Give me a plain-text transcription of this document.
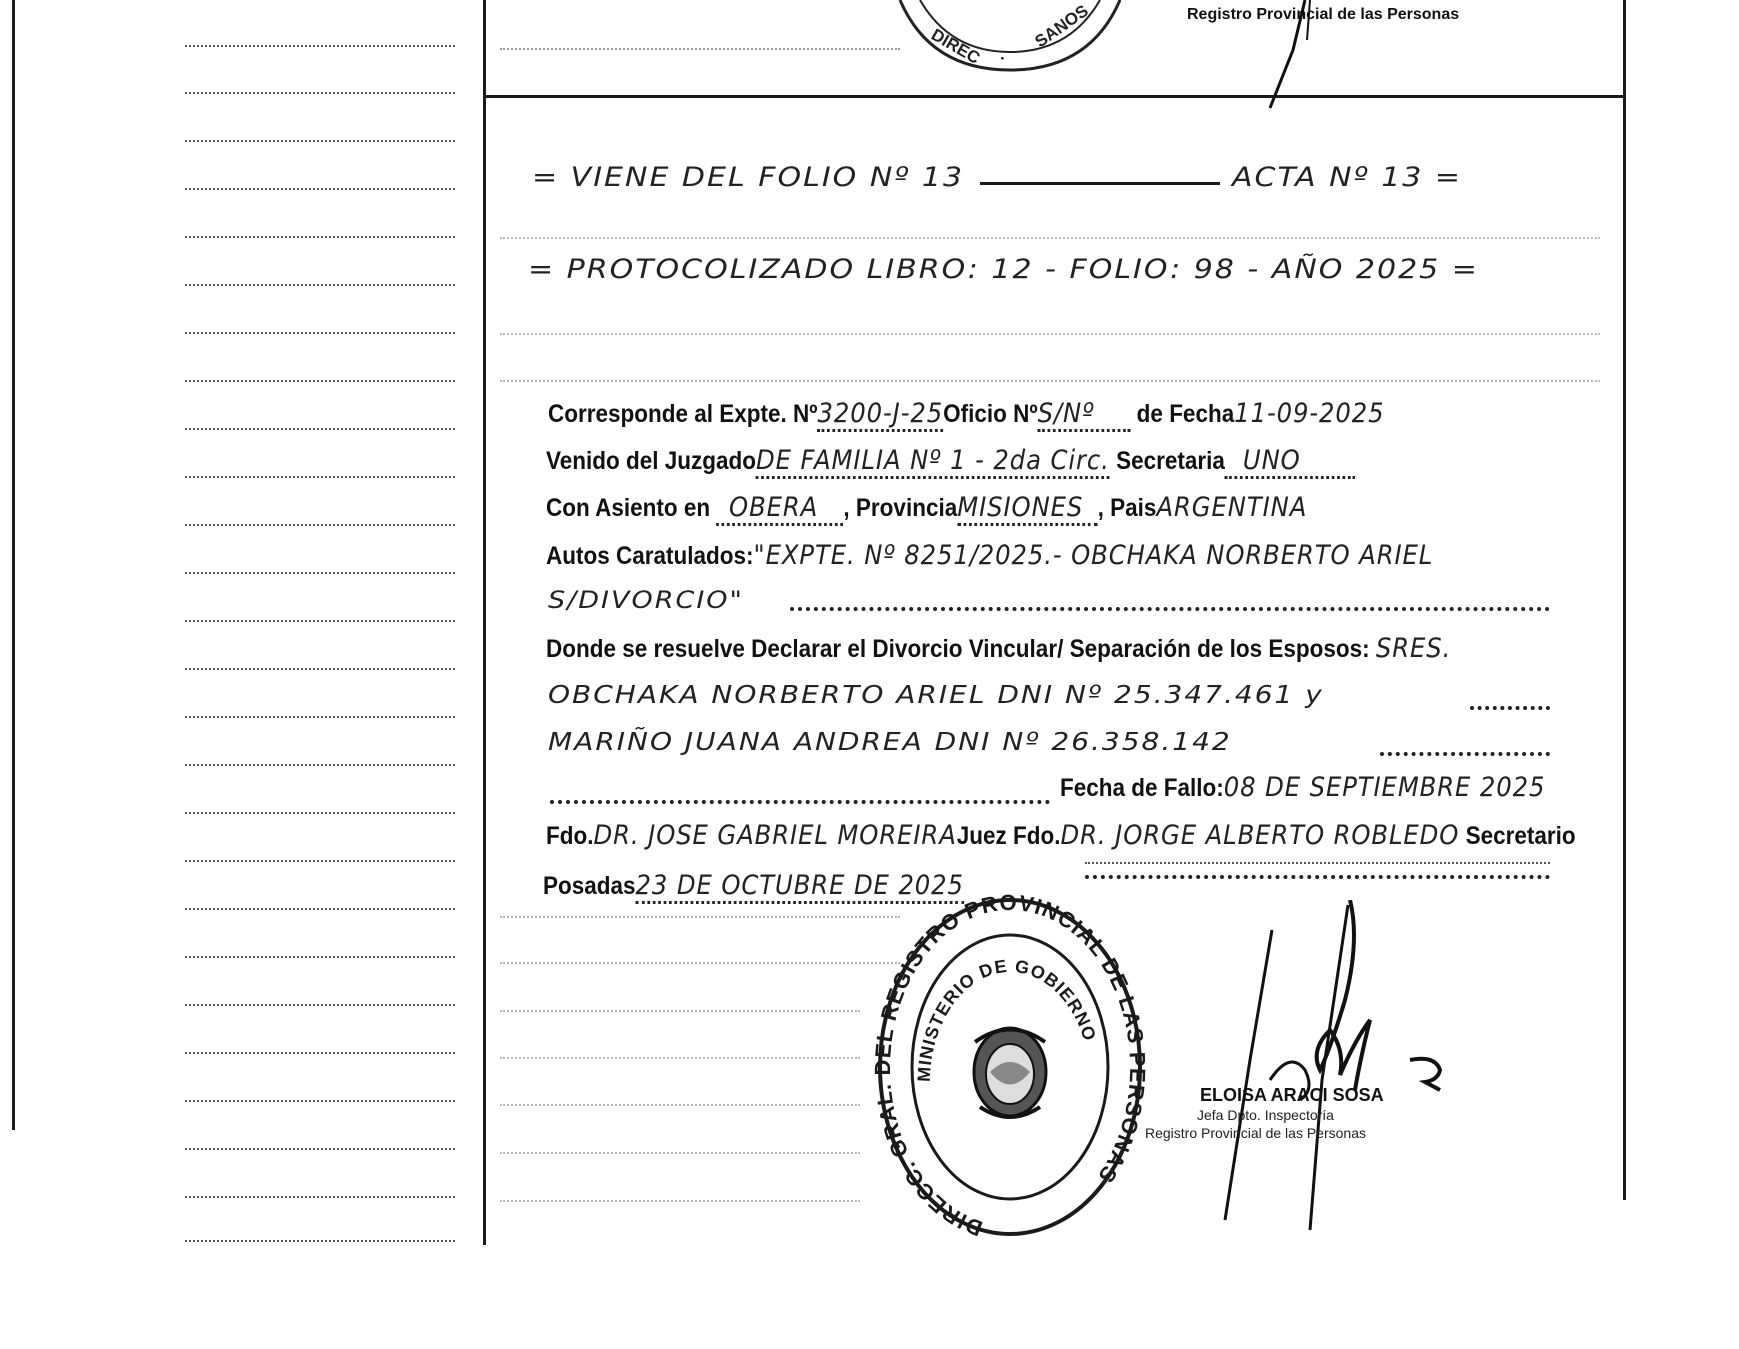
DIREC ·
SANOS	Registro Provincial de las Personas
= VIENE DEL FOLIO Nº 13	ACTA Nº 13 =
= PROTOCOLIZADO LIBRO: 12 - FOLIO: 98 - AÑO 2025 =
Corresponde al Expte. Nº3200-J-25Oficio NºS/Nº de Fecha11-09-2025
Venido del JuzgadoDE FAMILIA Nº 1 - 2da Circ. Secretaria UNO
Con Asiento en OBERA , ProvinciaMISIONES , PaisARGENTINA
Autos Caratulados:"EXPTE. Nº 8251/2025.- OBCHAKA NORBERTO ARIEL
S/DIVORCIO"
Donde se resuelve Declarar el Divorcio Vincular/ Separación de los Esposos: SRES.
OBCHAKA NORBERTO ARIEL DNI Nº 25.347.461 y
MARIÑO JUANA ANDREA DNI Nº 26.358.142
Fecha de Fallo:08 DE SEPTIEMBRE 2025
Fdo.DR. JOSE GABRIEL MOREIRAJuez Fdo.DR. JORGE ALBERTO ROBLEDO Secretario
Posadas23 DE OCTUBRE DE 2025
DIRECC. GRAL. DEL REGISTRO PROVINCIAL DE LAS PERSONAS
MINISTERIO DE GOBIERNO
ELOISA ARACI SOSA
Jefa Dpto. Inspectoría
Registro Provincial de las Personas
